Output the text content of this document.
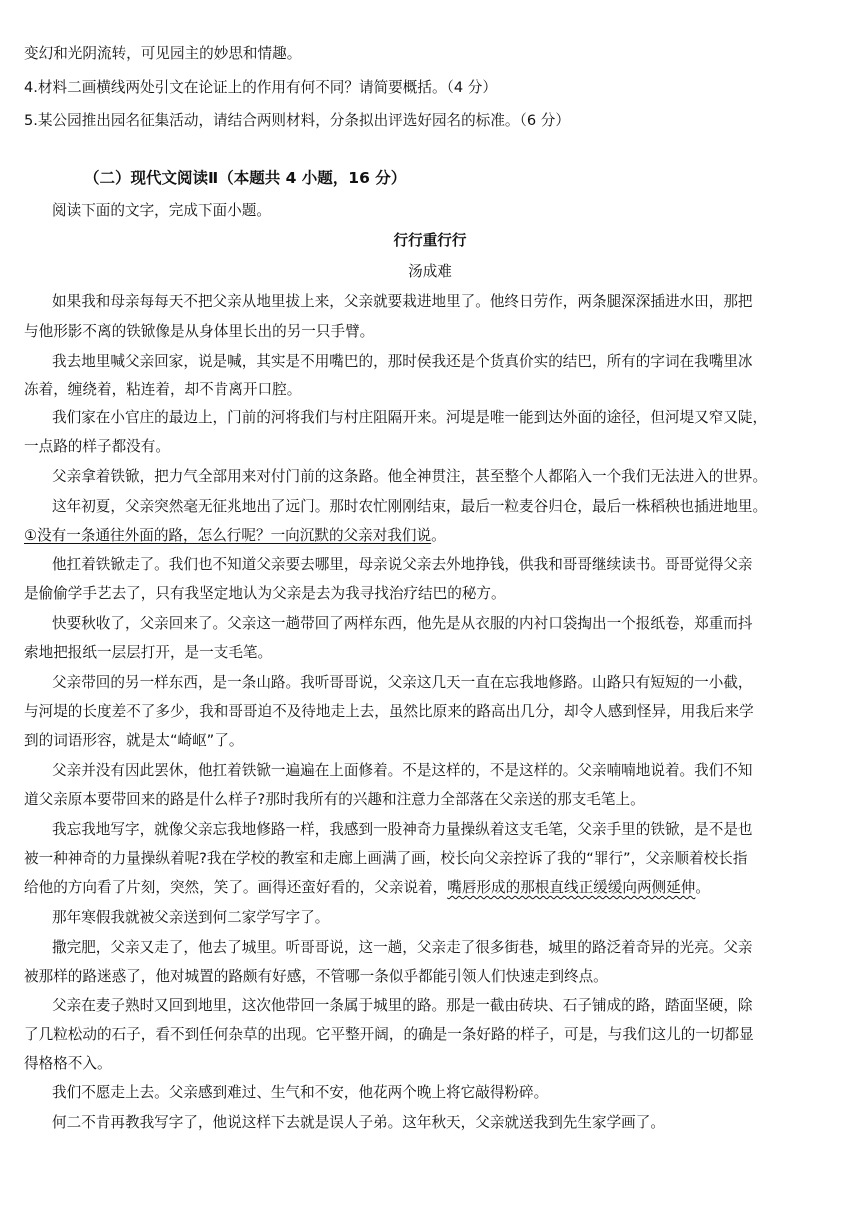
变幻和光阴流转，可见园主的妙思和情趣。
4.材料二画横线两处引文在论证上的作用有何不同？请简要概括。（4 分）
5.某公园推出园名征集活动，请结合两则材料，分条拟出评选好园名的标准。（6 分）
（二）现代文阅读Ⅱ（本题共 4 小题，16 分）
阅读下面的文字，完成下面小题。
行行重行行
汤成难
如果我和母亲每每天不把父亲从地里拔上来，父亲就要栽进地里了。他终日劳作，两条腿深深插进水田，那把
与他形影不离的铁锨像是从身体里长出的另一只手臂。
我去地里喊父亲回家，说是喊，其实是不用嘴巴的，那时侯我还是个货真价实的结巴，所有的字词在我嘴里冰
冻着，缠绕着，粘连着，却不肯离开口腔。
我们家在小官庄的最边上，门前的河将我们与村庄阻隔开来。河堤是唯一能到达外面的途径，但河堤又窄又陡，
一点路的样子都没有。
父亲拿着铁锨，把力气全部用来对付门前的这条路。他全神贯注，甚至整个人都陷入一个我们无法进入的世界。
这年初夏，父亲突然毫无征兆地出了远门。那时农忙刚刚结束，最后一粒麦谷归仓，最后一株稻秧也插进地里。
①没有一条通往外面的路，怎么行呢？一向沉默的父亲对我们说。
他扛着铁锨走了。我们也不知道父亲要去哪里，母亲说父亲去外地挣钱，供我和哥哥继续读书。哥哥觉得父亲
是偷偷学手艺去了，只有我坚定地认为父亲是去为我寻找治疗结巴的秘方。
快要秋收了，父亲回来了。父亲这一趟带回了两样东西，他先是从衣服的内衬口袋掏出一个报纸卷，郑重而抖
索地把报纸一层层打开，是一支毛笔。
父亲带回的另一样东西，是一条山路。我听哥哥说，父亲这几天一直在忘我地修路。山路只有短短的一小截，
与河堤的长度差不了多少，我和哥哥迫不及待地走上去，虽然比原来的路高出几分，却令人感到怪异，用我后来学
到的词语形容，就是太“崎岖”了。
父亲并没有因此罢休，他扛着铁锨一遍遍在上面修着。不是这样的，不是这样的。父亲喃喃地说着。我们不知
道父亲原本要带回来的路是什么样子?那时我所有的兴趣和注意力全部落在父亲送的那支毛笔上。
我忘我地写字，就像父亲忘我地修路一样，我感到一股神奇力量操纵着这支毛笔，父亲手里的铁锨，是不是也
被一种神奇的力量操纵着呢?我在学校的教室和走廊上画满了画，校长向父亲控诉了我的“罪行”，父亲顺着校长指
给他的方向看了片刻，突然，笑了。画得还蛮好看的，父亲说着，嘴唇形成的那根直线正缓缓向两侧延伸。
那年寒假我就被父亲送到何二家学写字了。
撒完肥，父亲又走了，他去了城里。听哥哥说，这一趟，父亲走了很多街巷，城里的路泛着奇异的光亮。父亲
被那样的路迷惑了，他对城置的路颇有好感，不管哪一条似乎都能引领人们快速走到终点。
父亲在麦子熟时又回到地里，这次他带回一条属于城里的路。那是一截由砖块、石子铺成的路，踏面坚硬，除
了几粒松动的石子，看不到任何杂草的出现。它平整开阔，的确是一条好路的样子，可是，与我们这儿的一切都显
得格格不入。
我们不愿走上去。父亲感到难过、生气和不安，他花两个晚上将它敲得粉碎。
何二不肯再教我写字了，他说这样下去就是误人子弟。这年秋天，父亲就送我到先生家学画了。
